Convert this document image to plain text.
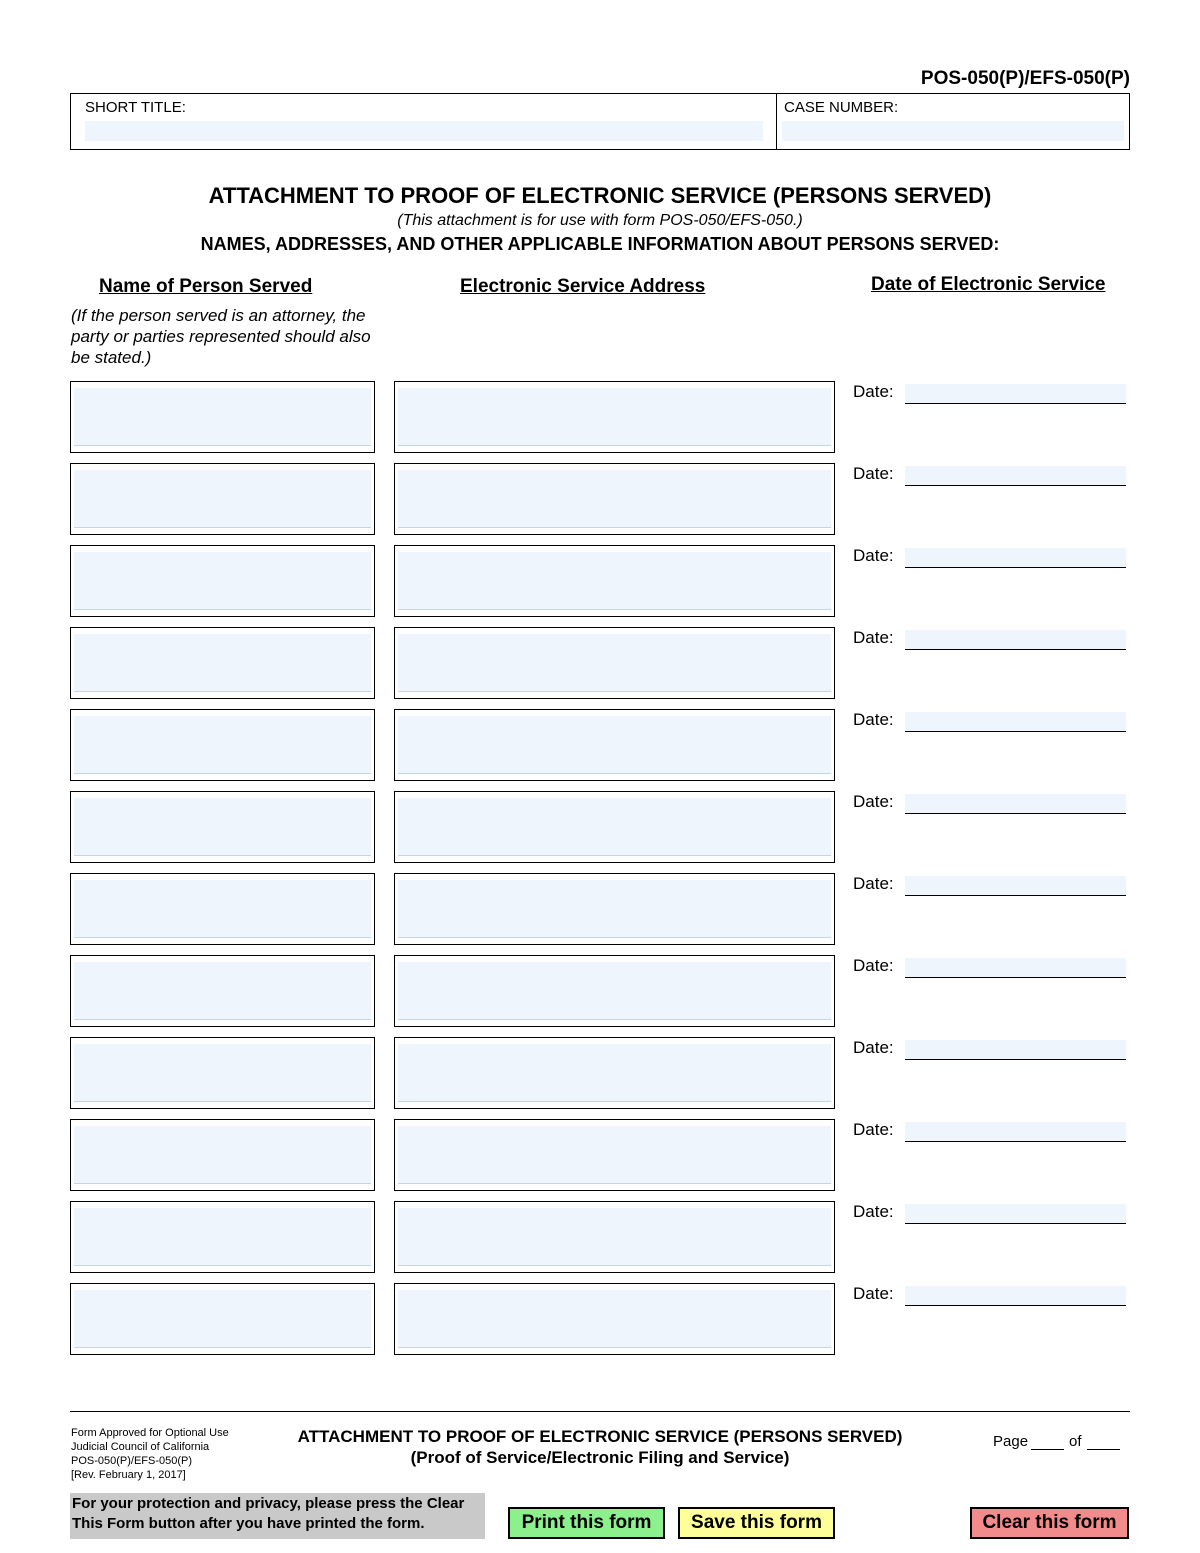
POS-050(P)/EFS-050(P)
SHORT TITLE:	CASE NUMBER:
ATTACHMENT TO PROOF OF ELECTRONIC SERVICE (PERSONS SERVED)
(This attachment is for use with form POS-050/EFS-050.)
NAMES, ADDRESSES, AND OTHER APPLICABLE INFORMATION ABOUT PERSONS SERVED:
Name of Person Served	Electronic Service Address	Date of Electronic Service
(If the person served is an attorney, the party or parties represented should also be stated.)
Date:
Date:
Date:
Date:
Date:
Date:
Date:
Date:
Date:
Date:
Date:
Date:
Form Approved for Optional Use
Judicial Council of California
POS-050(P)/EFS-050(P)
[Rev. February 1, 2017]
ATTACHMENT TO PROOF OF ELECTRONIC SERVICE (PERSONS SERVED)
(Proof of Service/Electronic Filing and Service)
Page	of
For your protection and privacy, please press the Clear This Form button after you have printed the form.	Print this form	Save this form	Clear this form
